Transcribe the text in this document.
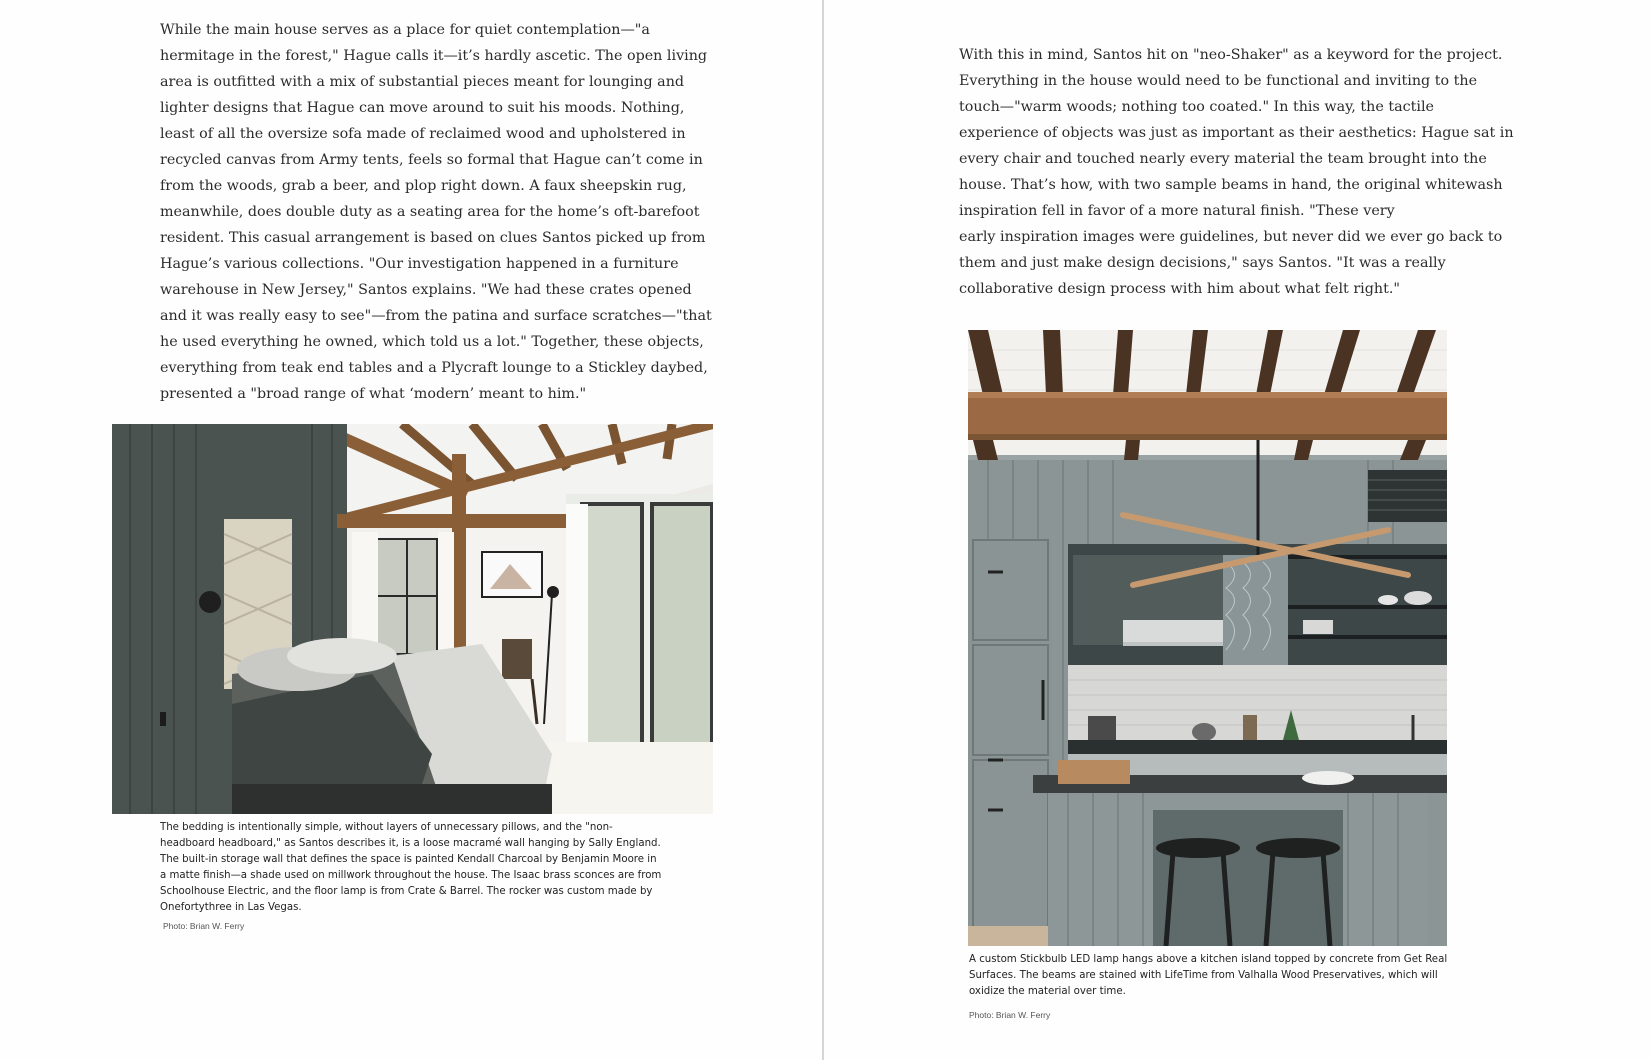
While the main house serves as a place for quiet contemplation—"a
hermitage in the forest," Hague calls it—it’s hardly ascetic. The open living
area is outfitted with a mix of substantial pieces meant for lounging and
lighter designs that Hague can move around to suit his moods. Nothing,
least of all the oversize sofa made of reclaimed wood and upholstered in
recycled canvas from Army tents, feels so formal that Hague can’t come in
from the woods, grab a beer, and plop right down. A faux sheepskin rug,
meanwhile, does double duty as a seating area for the home’s oft-barefoot
resident. This casual arrangement is based on clues Santos picked up from
Hague’s various collections. "Our investigation happened in a furniture
warehouse in New Jersey," Santos explains. "We had these crates opened
and it was really easy to see"—from the patina and surface scratches—"that
he used everything he owned, which told us a lot." Together, these objects,
everything from teak end tables and a Plycraft lounge to a Stickley daybed,
presented a "broad range of what ‘modern’ meant to him."
The bedding is intentionally simple, without layers of unnecessary pillows, and the "non-
headboard headboard," as Santos describes it, is a loose macramé wall hanging by Sally England.
The built-in storage wall that defines the space is painted Kendall Charcoal by Benjamin Moore in
a matte finish—a shade used on millwork throughout the house. The Isaac brass sconces are from
Schoolhouse Electric, and the floor lamp is from Crate & Barrel. The rocker was custom made by
Onefortythree in Las Vegas.
Photo: Brian W. Ferry
With this in mind, Santos hit on "neo-Shaker" as a keyword for the project.
Everything in the house would need to be functional and inviting to the
touch—"warm woods; nothing too coated." In this way, the tactile
experience of objects was just as important as their aesthetics: Hague sat in
every chair and touched nearly every material the team brought into the
house. That’s how, with two sample beams in hand, the original whitewash
inspiration fell in favor of a more natural finish. "These very
early inspiration images were guidelines, but never did we ever go back to
them and just make design decisions," says Santos. "It was a really
collaborative design process with him about what felt right."
A custom Stickbulb LED lamp hangs above a kitchen island topped by concrete from Get Real
Surfaces. The beams are stained with LifeTime from Valhalla Wood Preservatives, which will
oxidize the material over time.
Photo: Brian W. Ferry
